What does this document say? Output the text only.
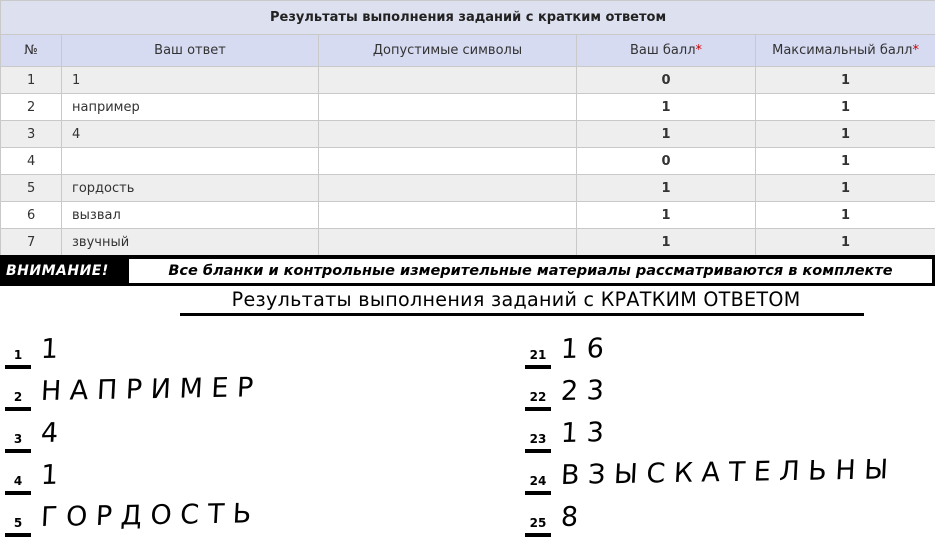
Результаты выполнения заданий с кратким ответом				
№	Ваш ответ	Допустимые символы	Ваш балл*	Максимальный балл*
1	1		0	1
2	например		1	1
3	4		1	1
4			0	1
5	гордость		1	1
6	вызвал		1	1
7	звучный		1	1
ВНИМАНИЕ!	Все бланки и контрольные измерительные материалы рассматриваются в комплекте
Результаты выполнения заданий с КРАТКИМ ОТВЕТОМ
1 1
2 Н А П Р И М Е Р
3 4
4 1
5 Г О Р Д О С Т Ь
21 1 6
22 2 3
23 1 3
24 В З Ы С К А Т Е Л Ь Н Ы
25 8
